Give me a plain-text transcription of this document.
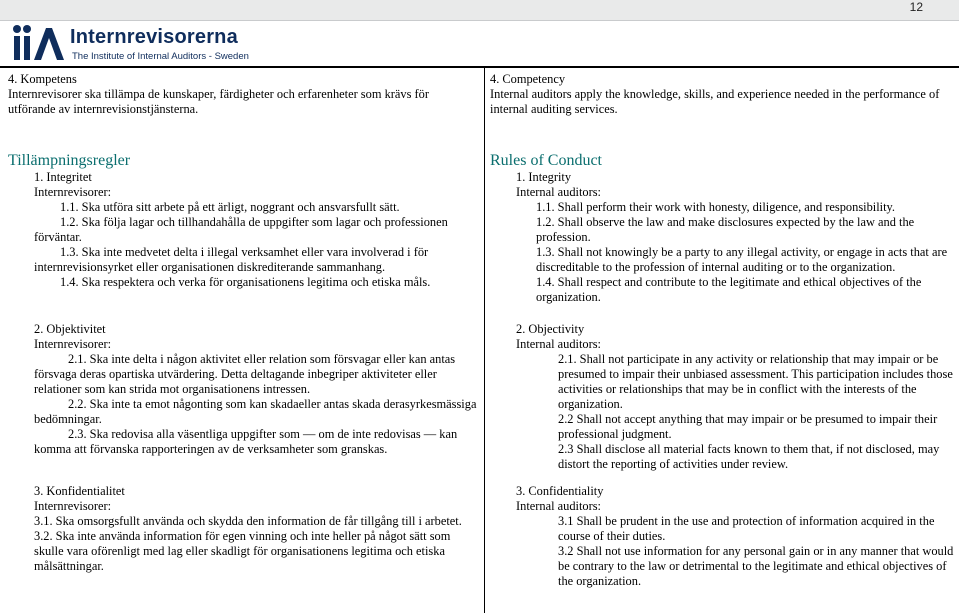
12
Internrevisorerna
The Institute of Internal Auditors - Sweden

4. Kompetens

Internrevisorer ska tillämpa de kunskaper, färdigheter och erfarenheter som krävs för utförande av internrevisionstjänsterna.

Tillämpningsregler

1. Integritet

Internrevisorer:

1.1. Ska utföra sitt arbete på ett ärligt, noggrant och ansvarsfullt sätt.

1.2. Ska följa lagar och tillhandahålla de uppgifter som lagar och professionen förväntar.

1.3. Ska inte medvetet delta i illegal verksamhet eller vara involverad i för internrevisionsyrket eller organisationen diskrediterande sammanhang.

1.4. Ska respektera och verka för organisationens legitima och etiska måls.

2. Objektivitet

Internrevisorer:

2.1. Ska inte delta i någon aktivitet eller relation som försvagar eller kan antas försvaga deras opartiska utvärdering. Detta deltagande inbegriper aktiviteter eller relationer som kan strida mot organisationens intressen.

2.2. Ska inte ta emot någonting som kan skadaeller antas skada derasyrkesmässiga bedömningar.

2.3. Ska redovisa alla väsentliga uppgifter som — om de inte redovisas — kan komma att förvanska rapporteringen av de verksamheter som granskas.

3. Konfidentialitet

Internrevisorer:

3.1. Ska omsorgsfullt använda och skydda den information de får tillgång till i arbetet.

3.2. Ska inte använda information för egen vinning och inte heller på något sätt som skulle vara oförenligt med lag eller skadligt för organisationens legitima och etiska målsättningar.

4. Competency

Internal auditors apply the knowledge, skills, and experience needed in the performance of internal auditing services.

Rules of Conduct

1. Integrity

Internal auditors:

1.1. Shall perform their work with honesty, diligence, and responsibility.

1.2. Shall observe the law and make disclosures expected by the law and the profession.

1.3. Shall not knowingly be a party to any illegal activity, or engage in acts that are discreditable to the profession of internal auditing or to the organization.

1.4. Shall respect and contribute to the legitimate and ethical objectives of the organization.

2. Objectivity

Internal auditors:

2.1. Shall not participate in any activity or relationship that may impair or be presumed to impair their unbiased assessment. This participation includes those activities or relationships that may be in conflict with the interests of the organization.

2.2 Shall not accept anything that may impair or be presumed to impair their professional judgment.

2.3 Shall disclose all material facts known to them that, if not disclosed, may distort the reporting of activities under review.

3. Confidentiality

Internal auditors:

3.1 Shall be prudent in the use and protection of information acquired in the course of their duties.

3.2 Shall not use information for any personal gain or in any manner that would be contrary to the law or detrimental to the legitimate and ethical objectives of the organization.
